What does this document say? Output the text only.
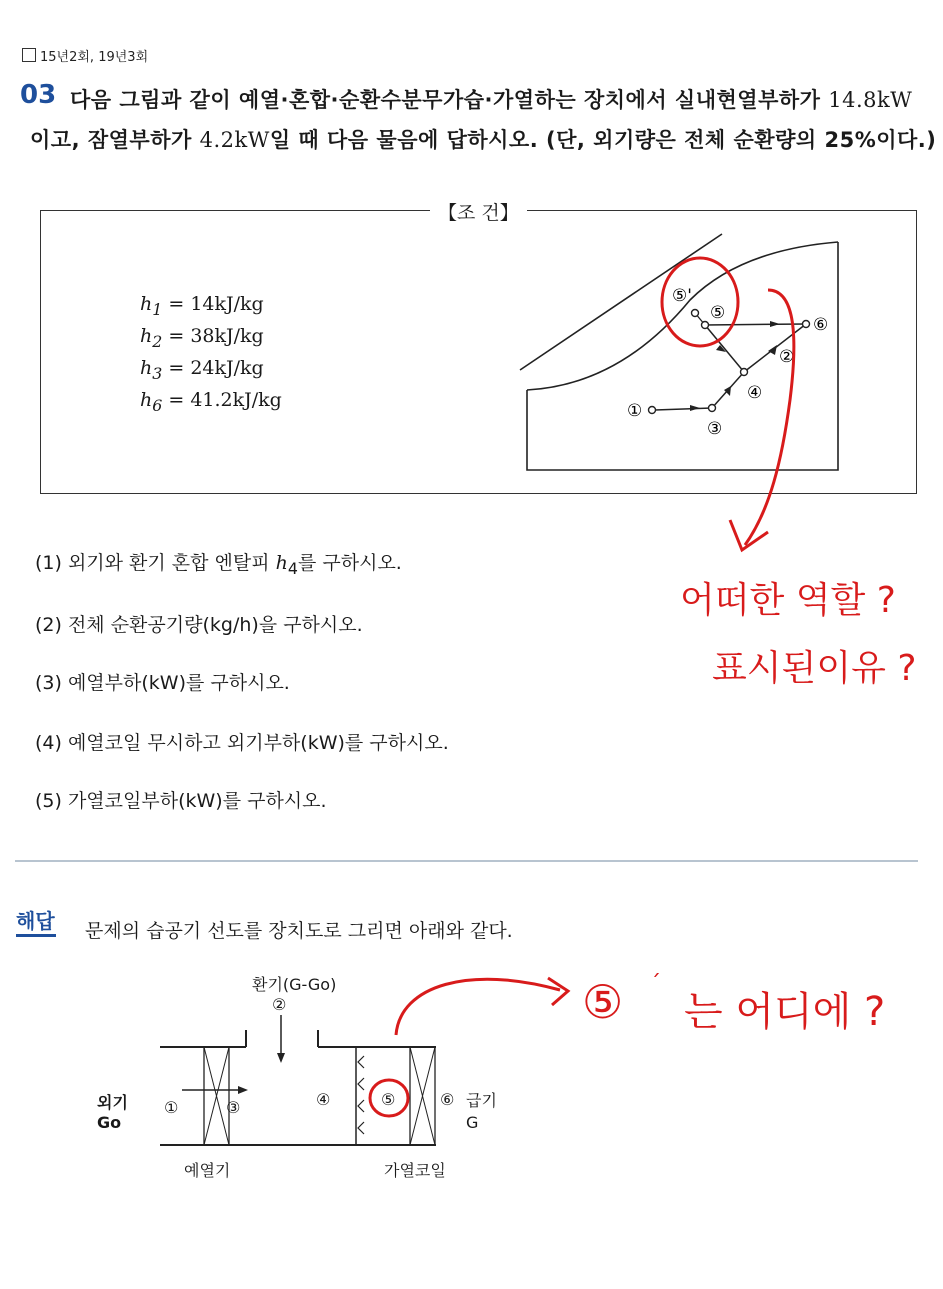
15년2회, 19년3회
03 다음 그림과 같이 예열·혼합·순환수분무가습·가열하는 장치에서 실내현열부하가 14.8kW
이고, 잠열부하가 4.2kW일 때 다음 물음에 답하시오. (단, 외기량은 전체 순환량의 25%이다.)
【조 건】
$h_1 = 14kJ/kg$
$h_2 = 38kJ/kg$
$h_3 = 24kJ/kg$
$h_6 = 41.2kJ/kg$	①
②
③
④
⑤
⑤'
⑥
(1) 외기와 환기 혼합 엔탈피 $h_4$를 구하시오.
(2) 전체 순환공기량(kg/h)을 구하시오.
(3) 예열부하(kW)를 구하시오.
(4) 예열코일 무시하고 외기부하(kW)를 구하시오.
(5) 가열코일부하(kW)를 구하시오.
어떠한 역할 ?
표시된이유 ?
해답 문제의 습공기 선도를 장치도로 그리면 아래와 같다.
환기(G-Go)
②
외기
Go
①	③	④	⑤	⑥ 급기
G
예열기	가열코일
⑤ ´
는 어디에 ?
